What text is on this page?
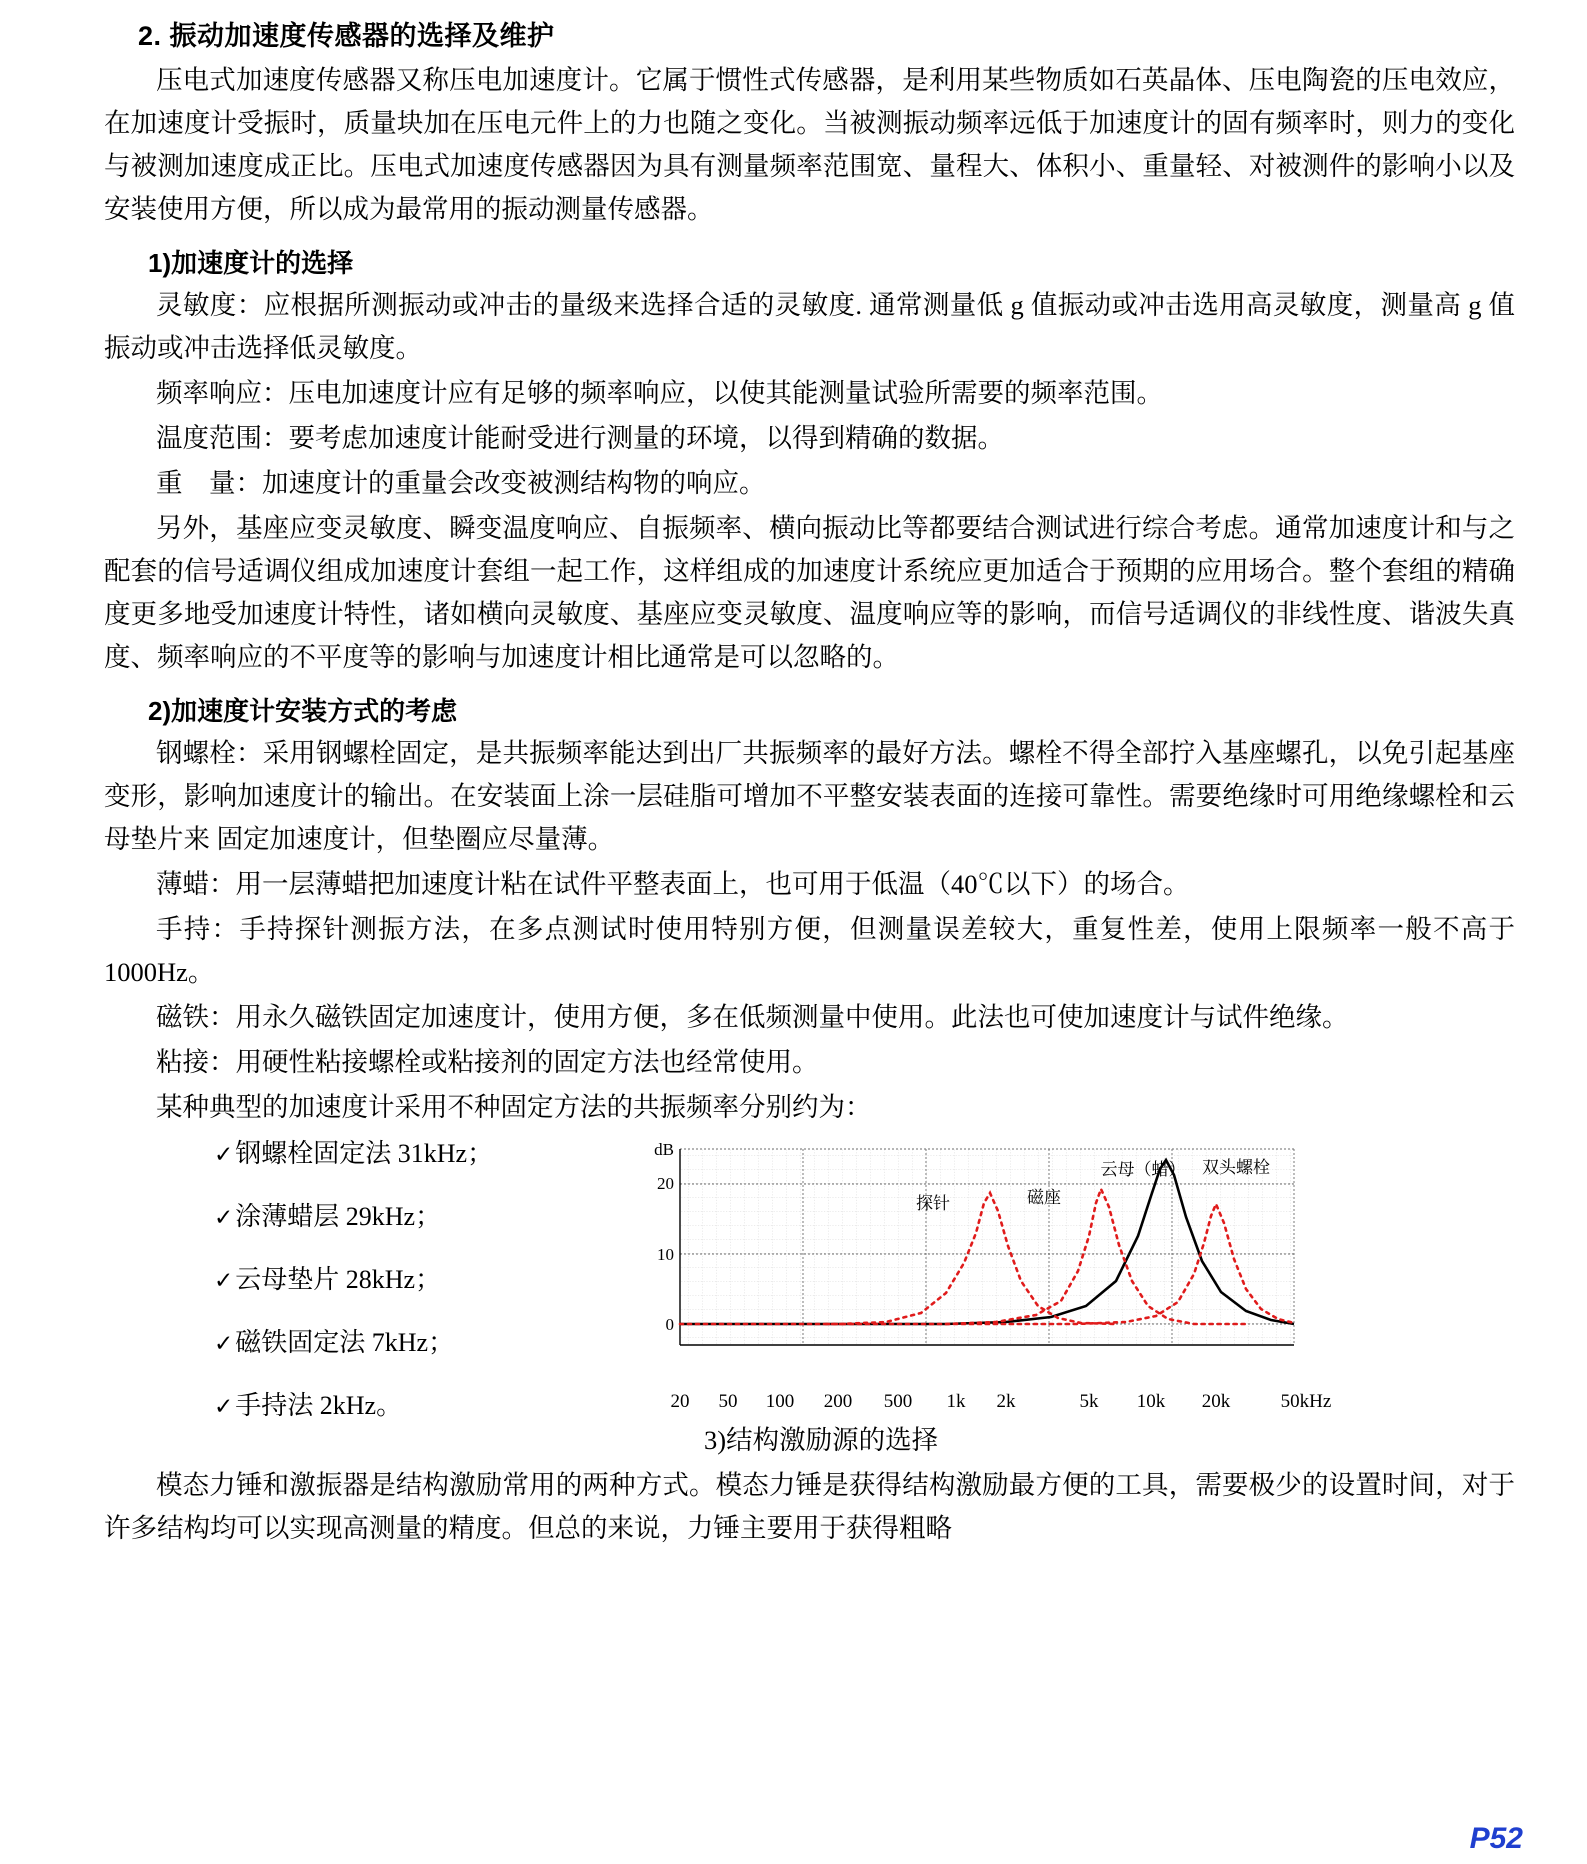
2. 振动加速度传感器的选择及维护

压电式加速度传感器又称压电加速度计。它属于惯性式传感器，是利用某些物质如石英晶体、压电陶瓷的压电效应，在加速度计受振时，质量块加在压电元件上的力也随之变化。当被测振动频率远低于加速度计的固有频率时，则力的变化与被测加速度成正比。压电式加速度传感器因为具有测量频率范围宽、量程大、体积小、重量轻、对被测件的影响小以及安装使用方便，所以成为最常用的振动测量传感器。

1)加速度计的选择

灵敏度：应根据所测振动或冲击的量级来选择合适的灵敏度. 通常测量低 g 值振动或冲击选用高灵敏度，测量高 g 值振动或冲击选择低灵敏度。

频率响应：压电加速度计应有足够的频率响应，以使其能测量试验所需要的频率范围。

温度范围：要考虑加速度计能耐受进行测量的环境，以得到精确的数据。

重　量：加速度计的重量会改变被测结构物的响应。

另外，基座应变灵敏度、瞬变温度响应、自振频率、横向振动比等都要结合测试进行综合考虑。通常加速度计和与之配套的信号适调仪组成加速度计套组一起工作，这样组成的加速度计系统应更加适合于预期的应用场合。整个套组的精确度更多地受加速度计特性，诸如横向灵敏度、基座应变灵敏度、温度响应等的影响，而信号适调仪的非线性度、谐波失真度、频率响应的不平度等的影响与加速度计相比通常是可以忽略的。

2)加速度计安装方式的考虑

钢螺栓：采用钢螺栓固定，是共振频率能达到出厂共振频率的最好方法。螺栓不得全部拧入基座螺孔，以免引起基座 变形，影响加速度计的输出。在安装面上涂一层硅脂可增加不平整安装表面的连接可靠性。需要绝缘时可用绝缘螺栓和云母垫片来 固定加速度计，但垫圈应尽量薄。

薄蜡：用一层薄蜡把加速度计粘在试件平整表面上，也可用于低温（40℃以下）的场合。

手持：手持探针测振方法，在多点测试时使用特别方便，但测量误差较大，重复性差，使用上限频率一般不高于 1000Hz。

磁铁：用永久磁铁固定加速度计，使用方便，多在低频测量中使用。此法也可使加速度计与试件绝缘。

粘接：用硬性粘接螺栓或粘接剂的固定方法也经常使用。

某种典型的加速度计采用不种固定方法的共振频率分别约为：

✓钢螺栓固定法 31kHz；
✓涂薄蜡层 29kHz；
✓云母垫片 28kHz；
✓磁铁固定法 7kHz；
✓手持法 2kHz。
dB
20
10
0
探针	磁座
云母（蜡） 双头螺栓
20 50 100 200 500 1k 2k	5k 10k 20k	50kHz

3)结构激励源的选择

模态力锤和激振器是结构激励常用的两种方式。模态力锤是获得结构激励最方便的工具，需要极少的设置时间，对于许多结构均可以实现高测量的精度。但总的来说，力锤主要用于获得粗略

P52
